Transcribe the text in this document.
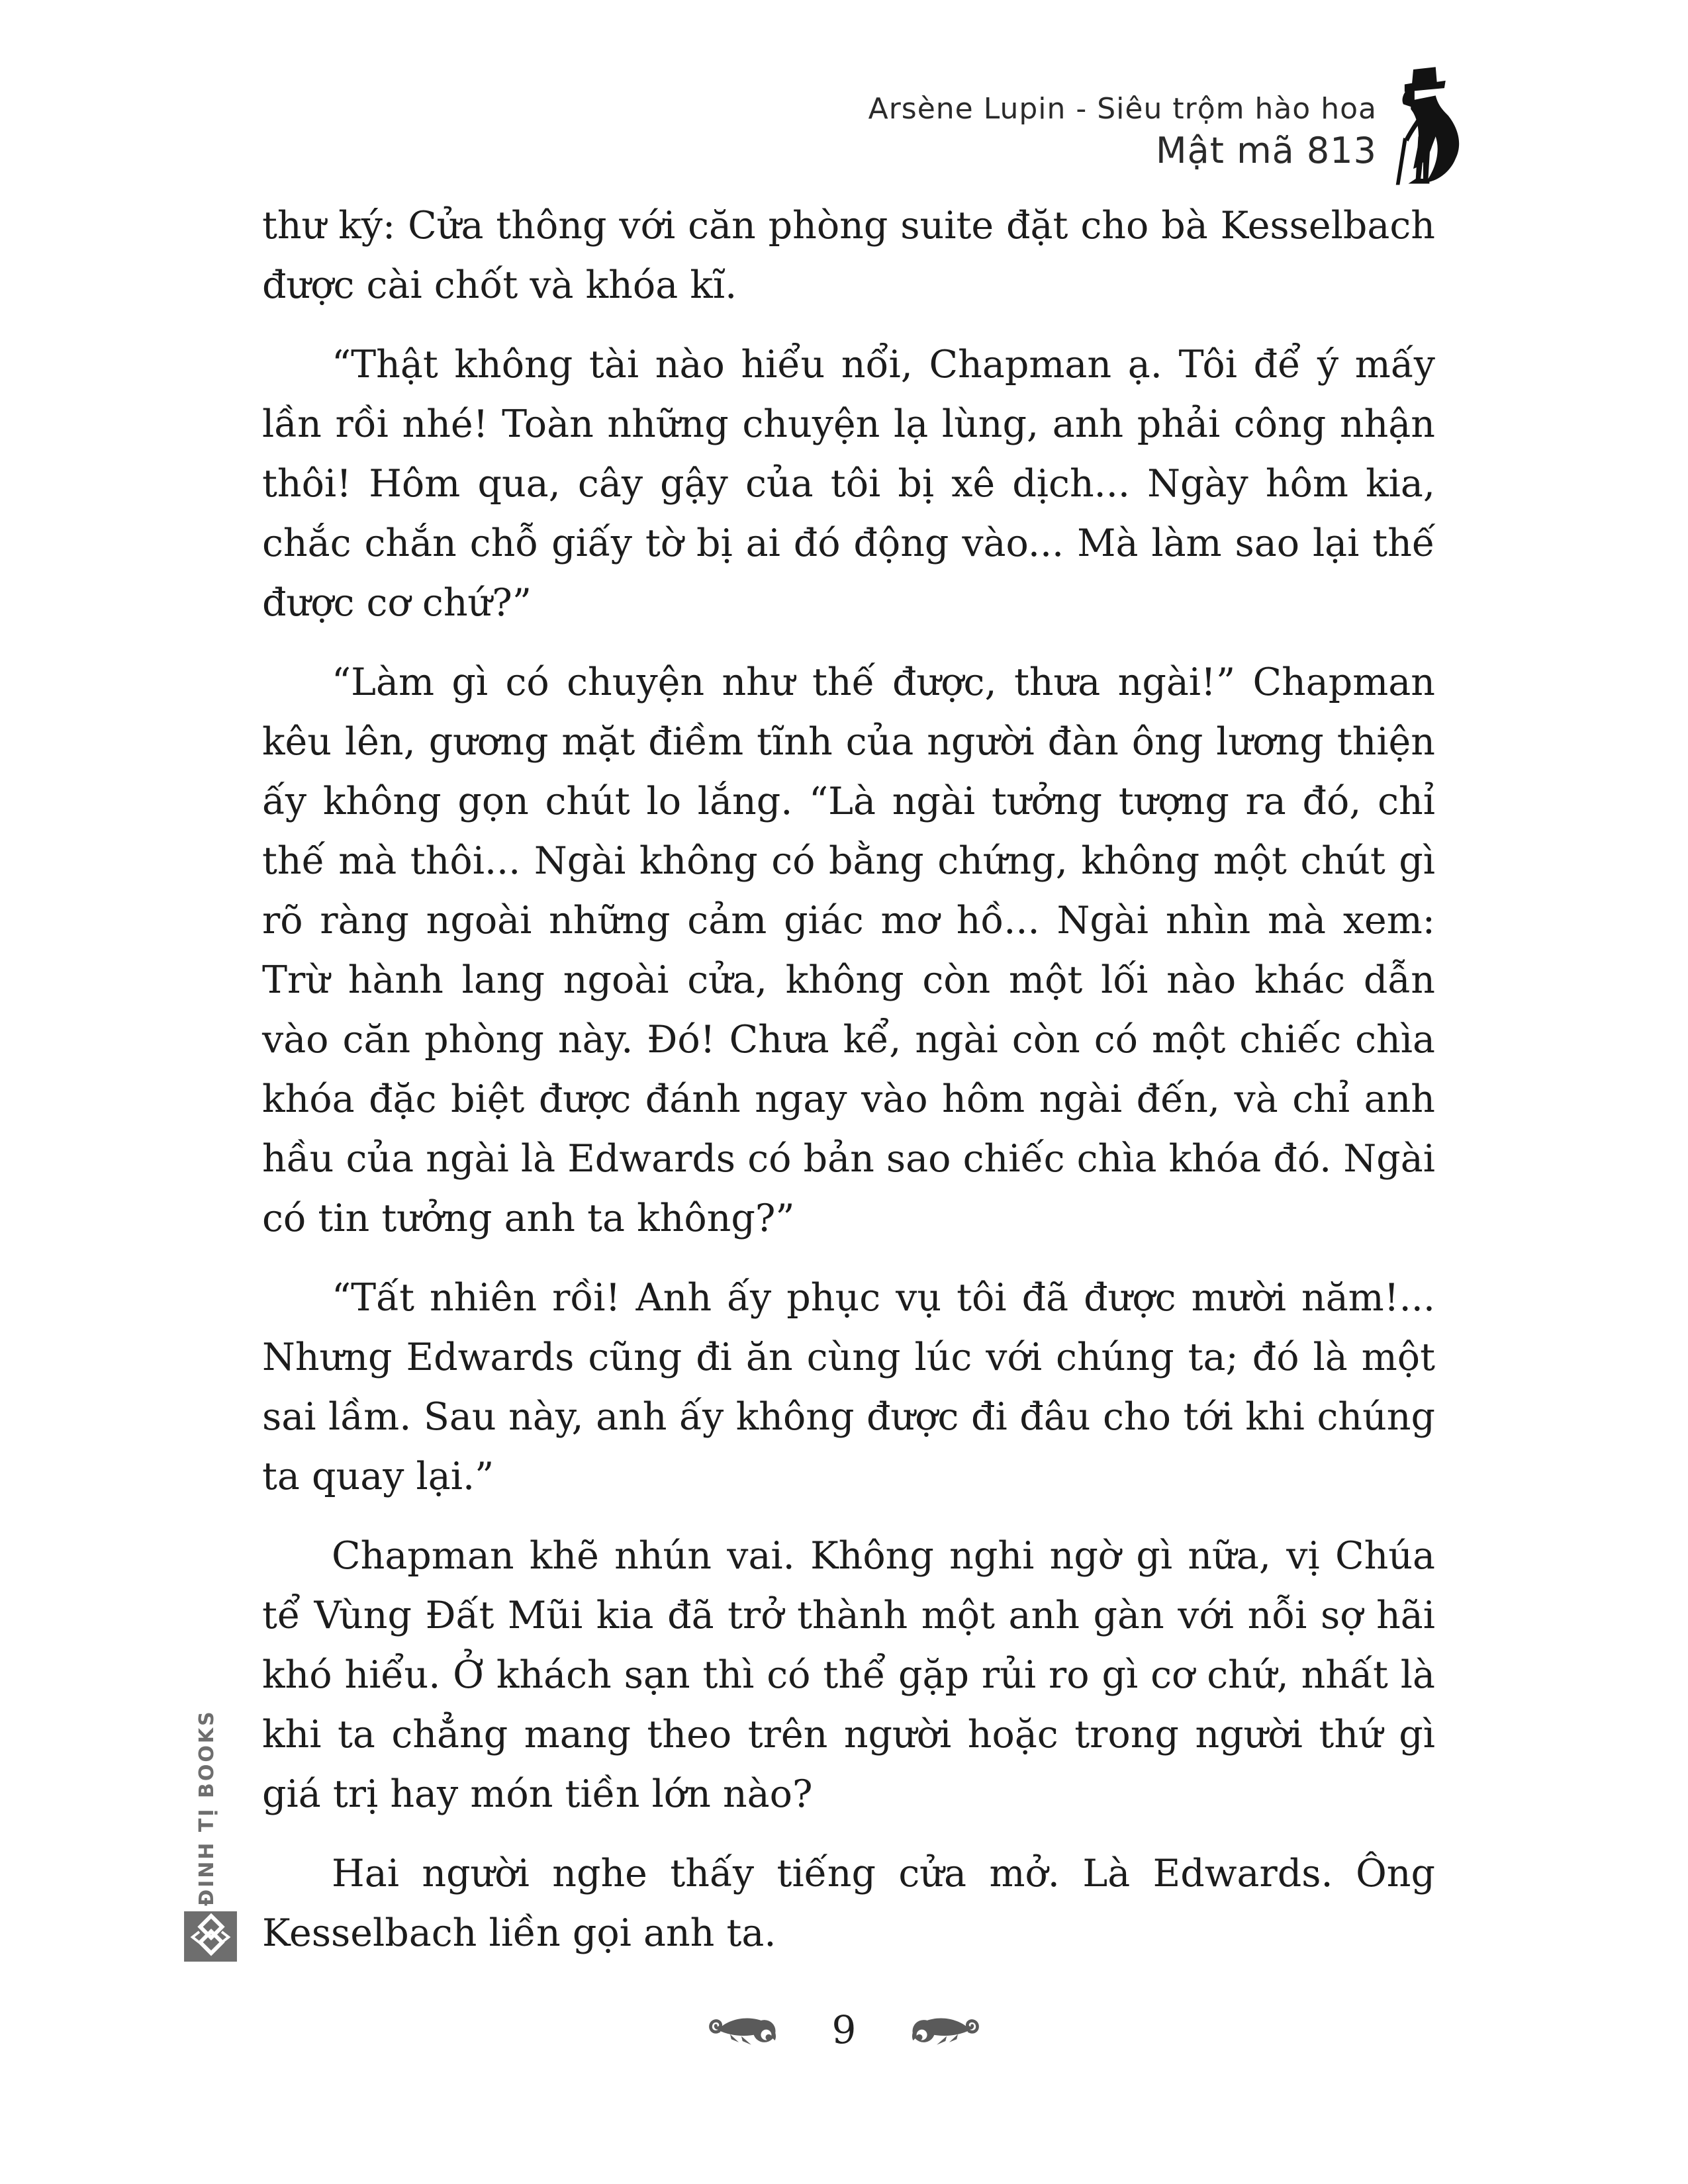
Arsène Lupin - Siêu trộm hào hoa
Mật mã 813

thư ký: Cửa thông với căn phòng suite đặt cho bà Kesselbach được cài chốt và khóa kĩ.

“Thật không tài nào hiểu nổi, Chapman ạ. Tôi để ý mấy lần rồi nhé! Toàn những chuyện lạ lùng, anh phải công nhận thôi! Hôm qua, cây gậy của tôi bị xê dịch... Ngày hôm kia, chắc chắn chỗ giấy tờ bị ai đó động vào... Mà làm sao lại thế được cơ chứ?”

“Làm gì có chuyện như thế được, thưa ngài!” Chapman kêu lên, gương mặt điềm tĩnh của người đàn ông lương thiện ấy không gọn chút lo lắng. “Là ngài tưởng tượng ra đó, chỉ thế mà thôi... Ngài không có bằng chứng, không một chút gì rõ ràng ngoài những cảm giác mơ hồ... Ngài nhìn mà xem: Trừ hành lang ngoài cửa, không còn một lối nào khác dẫn vào căn phòng này. Đó! Chưa kể, ngài còn có một chiếc chìa khóa đặc biệt được đánh ngay vào hôm ngài đến, và chỉ anh hầu của ngài là Edwards có bản sao chiếc chìa khóa đó. Ngài có tin tưởng anh ta không?”

“Tất nhiên rồi! Anh ấy phục vụ tôi đã được mười năm!... Nhưng Edwards cũng đi ăn cùng lúc với chúng ta; đó là một sai lầm. Sau này, anh ấy không được đi đâu cho tới khi chúng ta quay lại.”

Chapman khẽ nhún vai. Không nghi ngờ gì nữa, vị Chúa tể Vùng Đất Mũi kia đã trở thành một anh gàn với nỗi sợ hãi khó hiểu. Ở khách sạn thì có thể gặp rủi ro gì cơ chứ, nhất là khi ta chẳng mang theo trên người hoặc trong người thứ gì giá trị hay món tiền lớn nào?

Hai người nghe thấy tiếng cửa mở. Là Edwards. Ông Kesselbach liền gọi anh ta.

ĐINH TỊ BOOKS
9
